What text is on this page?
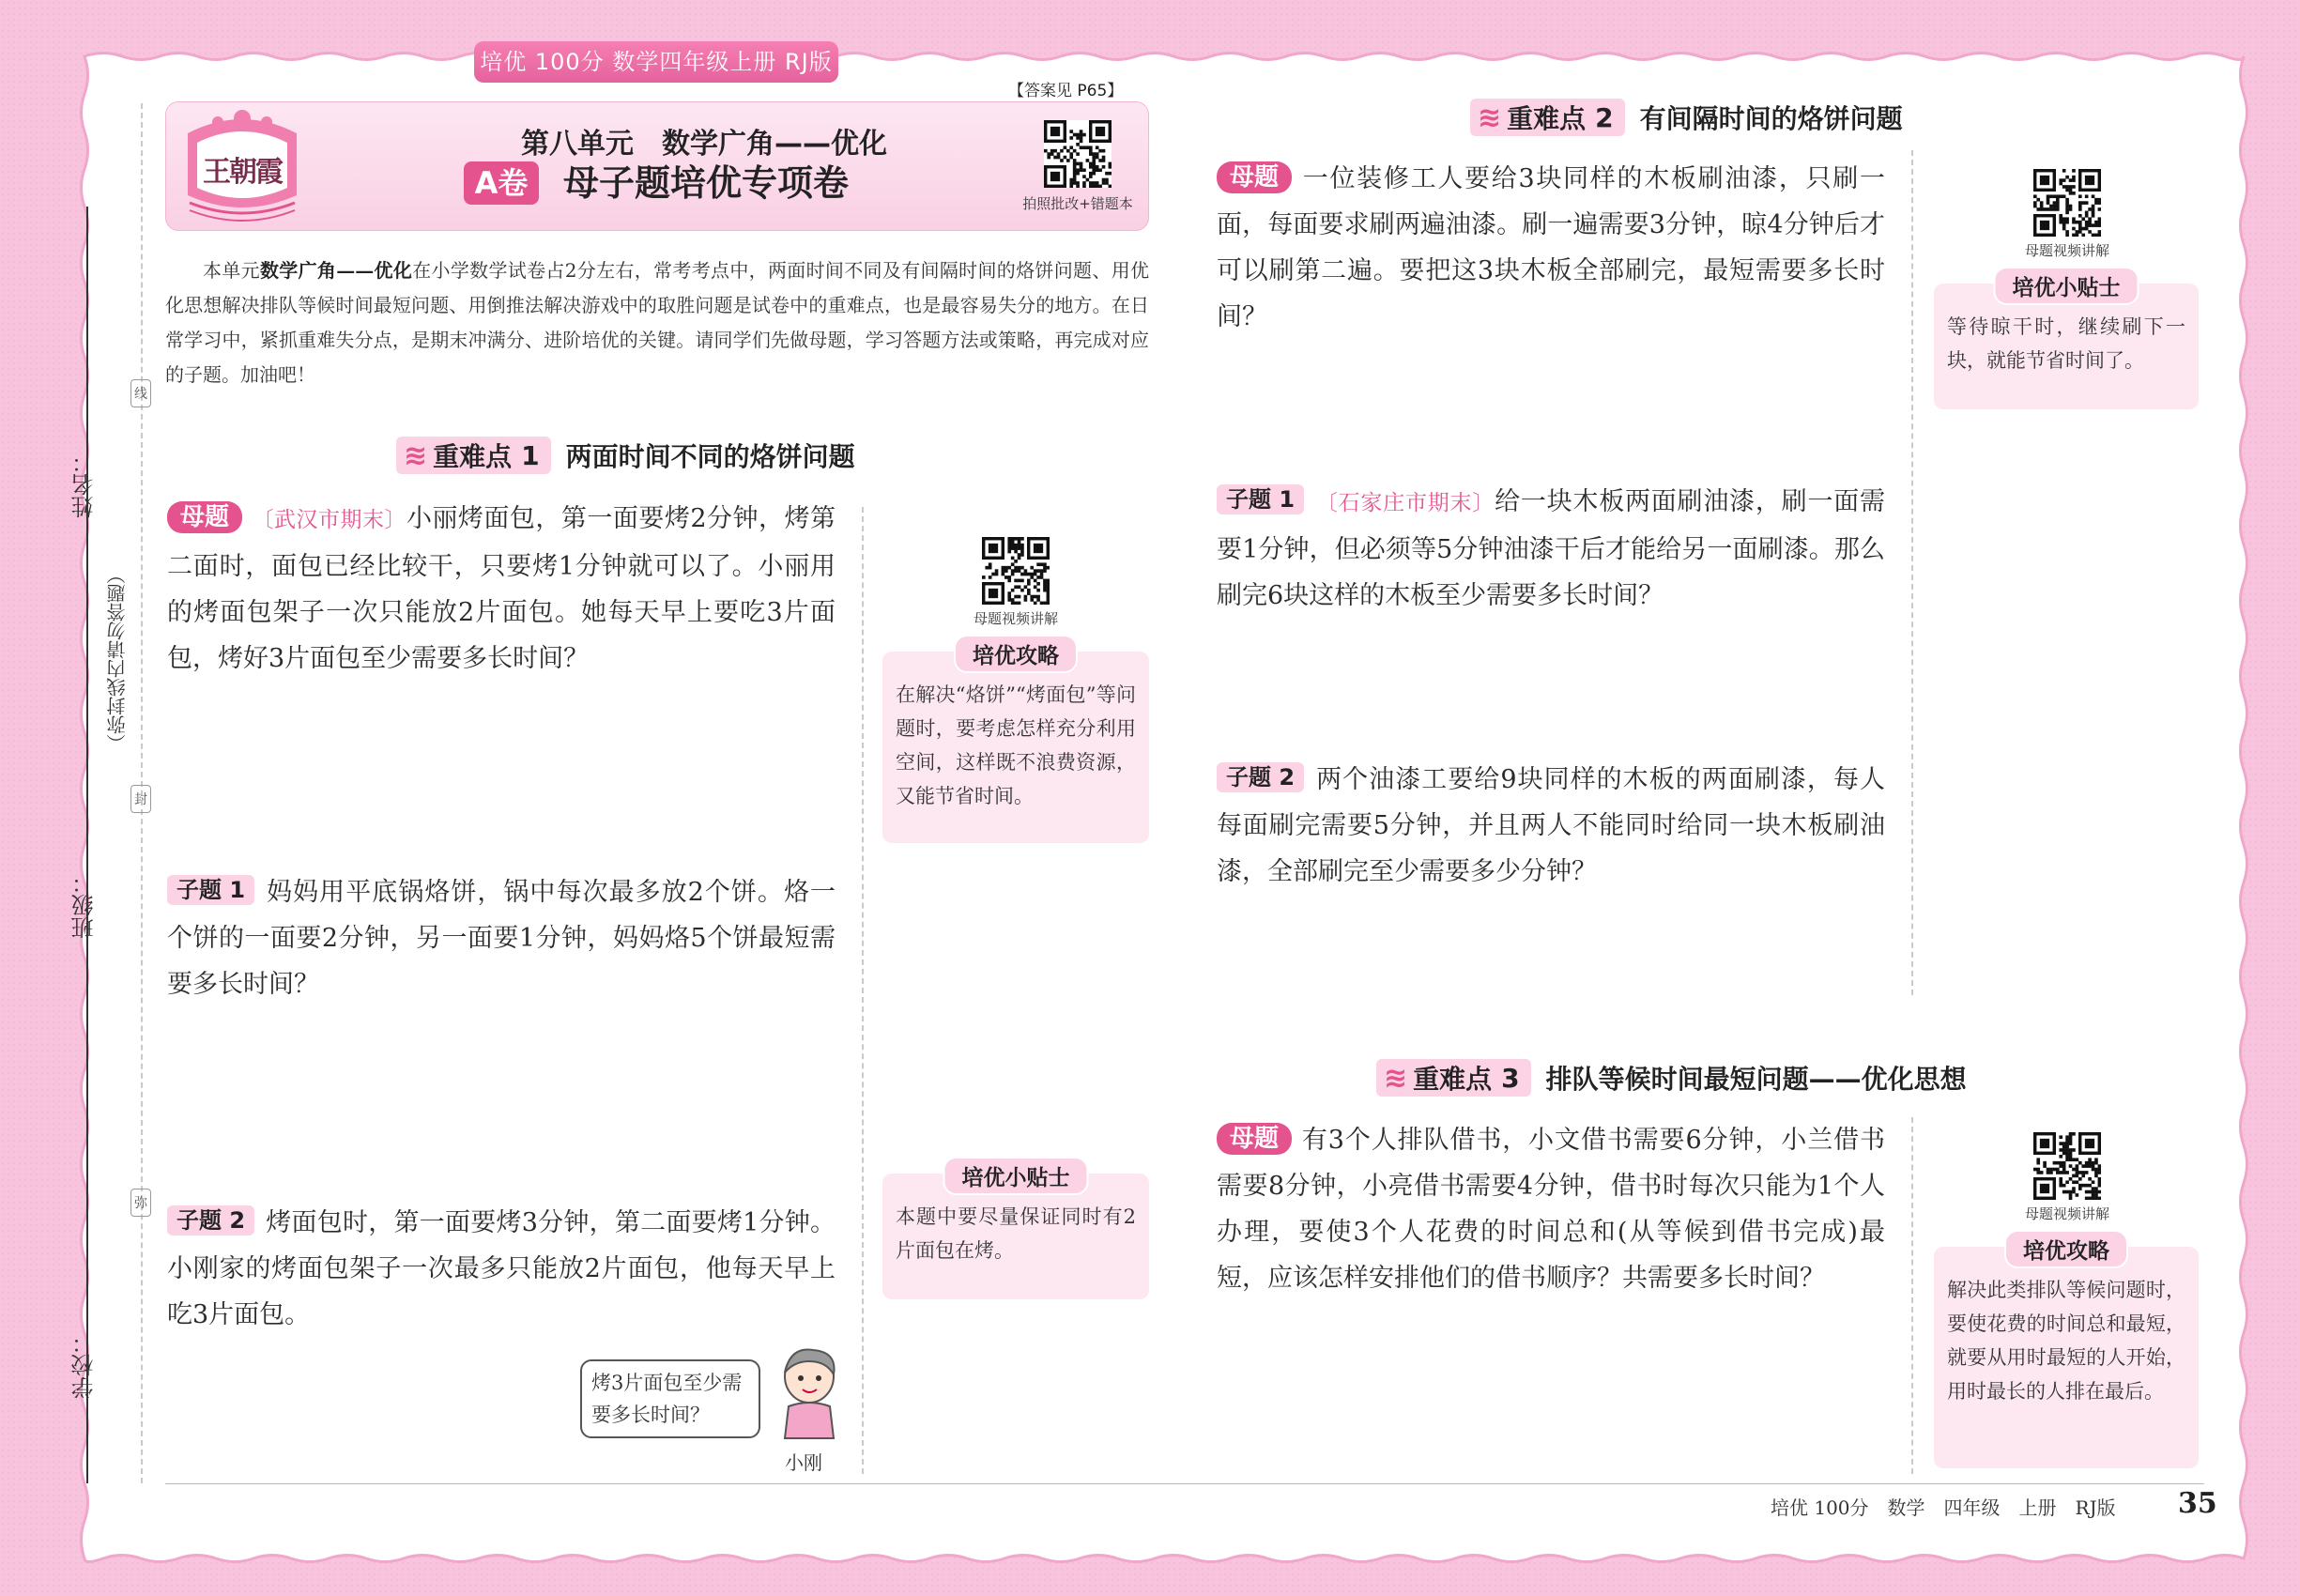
培优 100分 数学四年级上册 RJ版
【答案见 P65】
王朝霞
第八单元　数学广角——优化
A卷 母子题培优专项卷	拍照批改+错题本
本单元数学广角——优化在小学数学试卷占2分左右，常考考点中，两面时间不同及有间隔时间的烙饼问题、用优化思想解决排队等候时间最短问题、用倒推法解决游戏中的取胜问题是试卷中的重难点，也是最容易失分的地方。在日常学习中，紧抓重难失分点，是期末冲满分、进阶培优的关键。请同学们先做母题，学习答题方法或策略，再完成对应的子题。加油吧！
姓名：
班级：
学校：
（弥封线内请勿答题）
线
封
弥
≋ 重难点 1 两面时间不同的烙饼问题
母题 〔武汉市期末〕小丽烤面包，第一面要烤2分钟，烤第二面时，面包已经比较干，只要烤1分钟就可以了。小丽用的烤面包架子一次只能放2片面包。她每天早上要吃3片面包，烤好3片面包至少需要多长时间？
母题视频讲解
培优攻略
在解决“烙饼”“烤面包”等问题时，要考虑怎样充分利用空间，这样既不浪费资源，又能节省时间。
子题 1 妈妈用平底锅烙饼，锅中每次最多放2个饼。烙一个饼的一面要2分钟，另一面要1分钟，妈妈烙5个饼最短需要多长时间？
培优小贴士
本题中要尽量保证同时有2片面包在烤。
子题 2 烤面包时，第一面要烤3分钟，第二面要烤1分钟。小刚家的烤面包架子一次最多只能放2片面包，他每天早上吃3片面包。
烤3片面包至少需要多长时间？
小刚
≋ 重难点 2 有间隔时间的烙饼问题
母题 一位装修工人要给3块同样的木板刷油漆，只刷一面，每面要求刷两遍油漆。刷一遍需要3分钟，晾4分钟后才可以刷第二遍。要把这3块木板全部刷完，最短需要多长时间？
母题视频讲解
培优小贴士
等待晾干时，继续刷下一块，就能节省时间了。
子题 1 〔石家庄市期末〕给一块木板两面刷油漆，刷一面需要1分钟，但必须等5分钟油漆干后才能给另一面刷漆。那么刷完6块这样的木板至少需要多长时间？
子题 2 两个油漆工要给9块同样的木板的两面刷漆，每人每面刷完需要5分钟，并且两人不能同时给同一块木板刷油漆，全部刷完至少需要多少分钟？
≋ 重难点 3 排队等候时间最短问题——优化思想
母题 有3个人排队借书，小文借书需要6分钟，小兰借书需要8分钟，小亮借书需要4分钟，借书时每次只能为1个人办理，要使3个人花费的时间总和(从等候到借书完成)最短，应该怎样安排他们的借书顺序？共需要多长时间？
母题视频讲解
培优攻略
解决此类排队等候问题时，要使花费的时间总和最短，就要从用时最短的人开始，用时最长的人排在最后。
培优 100分　数学　四年级　上册　RJ版 35
